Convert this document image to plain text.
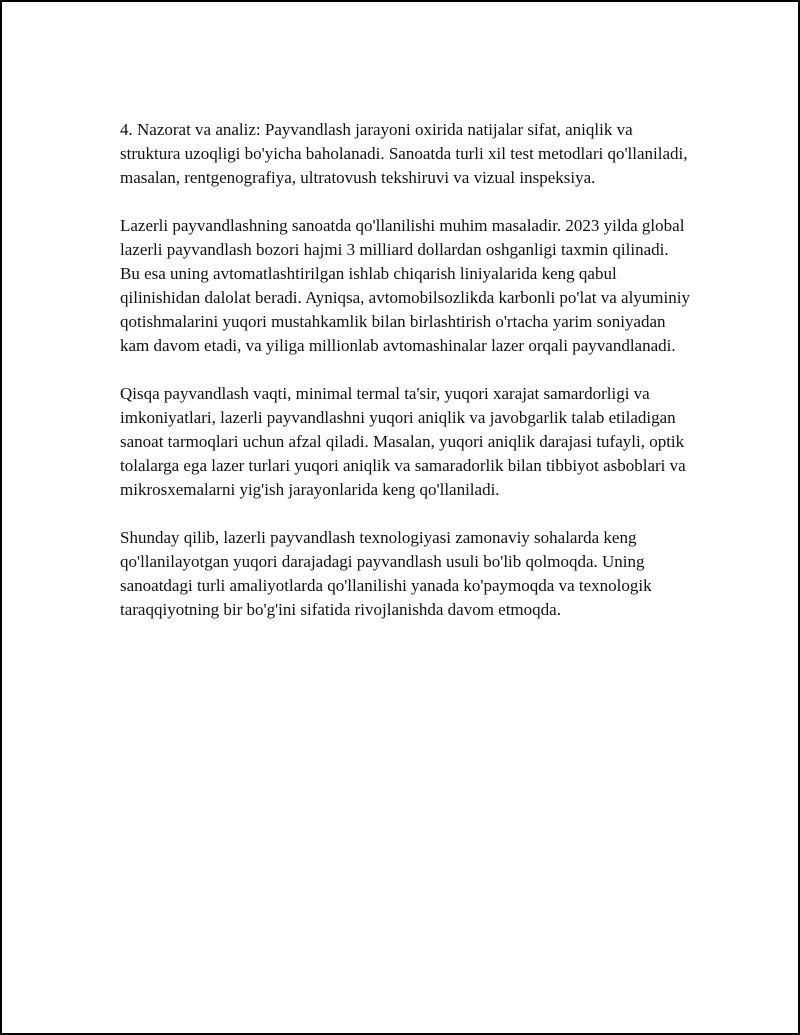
4. Nazorat va analiz: Payvandlash jarayoni oxirida natijalar sifat, aniqlik va struktura uzoqligi bo'yicha baholanadi. Sanoatda turli xil test metodlari qo'llaniladi, masalan, rentgenografiya, ultratovush tekshiruvi va vizual inspeksiya.

Lazerli payvandlashning sanoatda qo'llanilishi muhim masaladir. 2023 yilda global lazerli payvandlash bozori hajmi 3 milliard dollardan oshganligi taxmin qilinadi. Bu esa uning avtomatlashtirilgan ishlab chiqarish liniyalarida keng qabul qilinishidan dalolat beradi. Ayniqsa, avtomobilsozlikda karbonli po'lat va alyuminiy qotishmalarini yuqori mustahkamlik bilan birlashtirish o'rtacha yarim soniyadan kam davom etadi, va yiliga millionlab avtomashinalar lazer orqali payvandlanadi.

Qisqa payvandlash vaqti, minimal termal ta'sir, yuqori xarajat samardorligi va imkoniyatlari, lazerli payvandlashni yuqori aniqlik va javobgarlik talab etiladigan sanoat tarmoqlari uchun afzal qiladi. Masalan, yuqori aniqlik darajasi tufayli, optik tolalarga ega lazer turlari yuqori aniqlik va samaradorlik bilan tibbiyot asboblari va mikrosxemalarni yig'ish jarayonlarida keng qo'llaniladi.

Shunday qilib, lazerli payvandlash texnologiyasi zamonaviy sohalarda keng qo'llanilayotgan yuqori darajadagi payvandlash usuli bo'lib qolmoqda. Uning sanoatdagi turli amaliyotlarda qo'llanilishi yanada ko'paymoqda va texnologik taraqqiyotning bir bo'g'ini sifatida rivojlanishda davom etmoqda.
